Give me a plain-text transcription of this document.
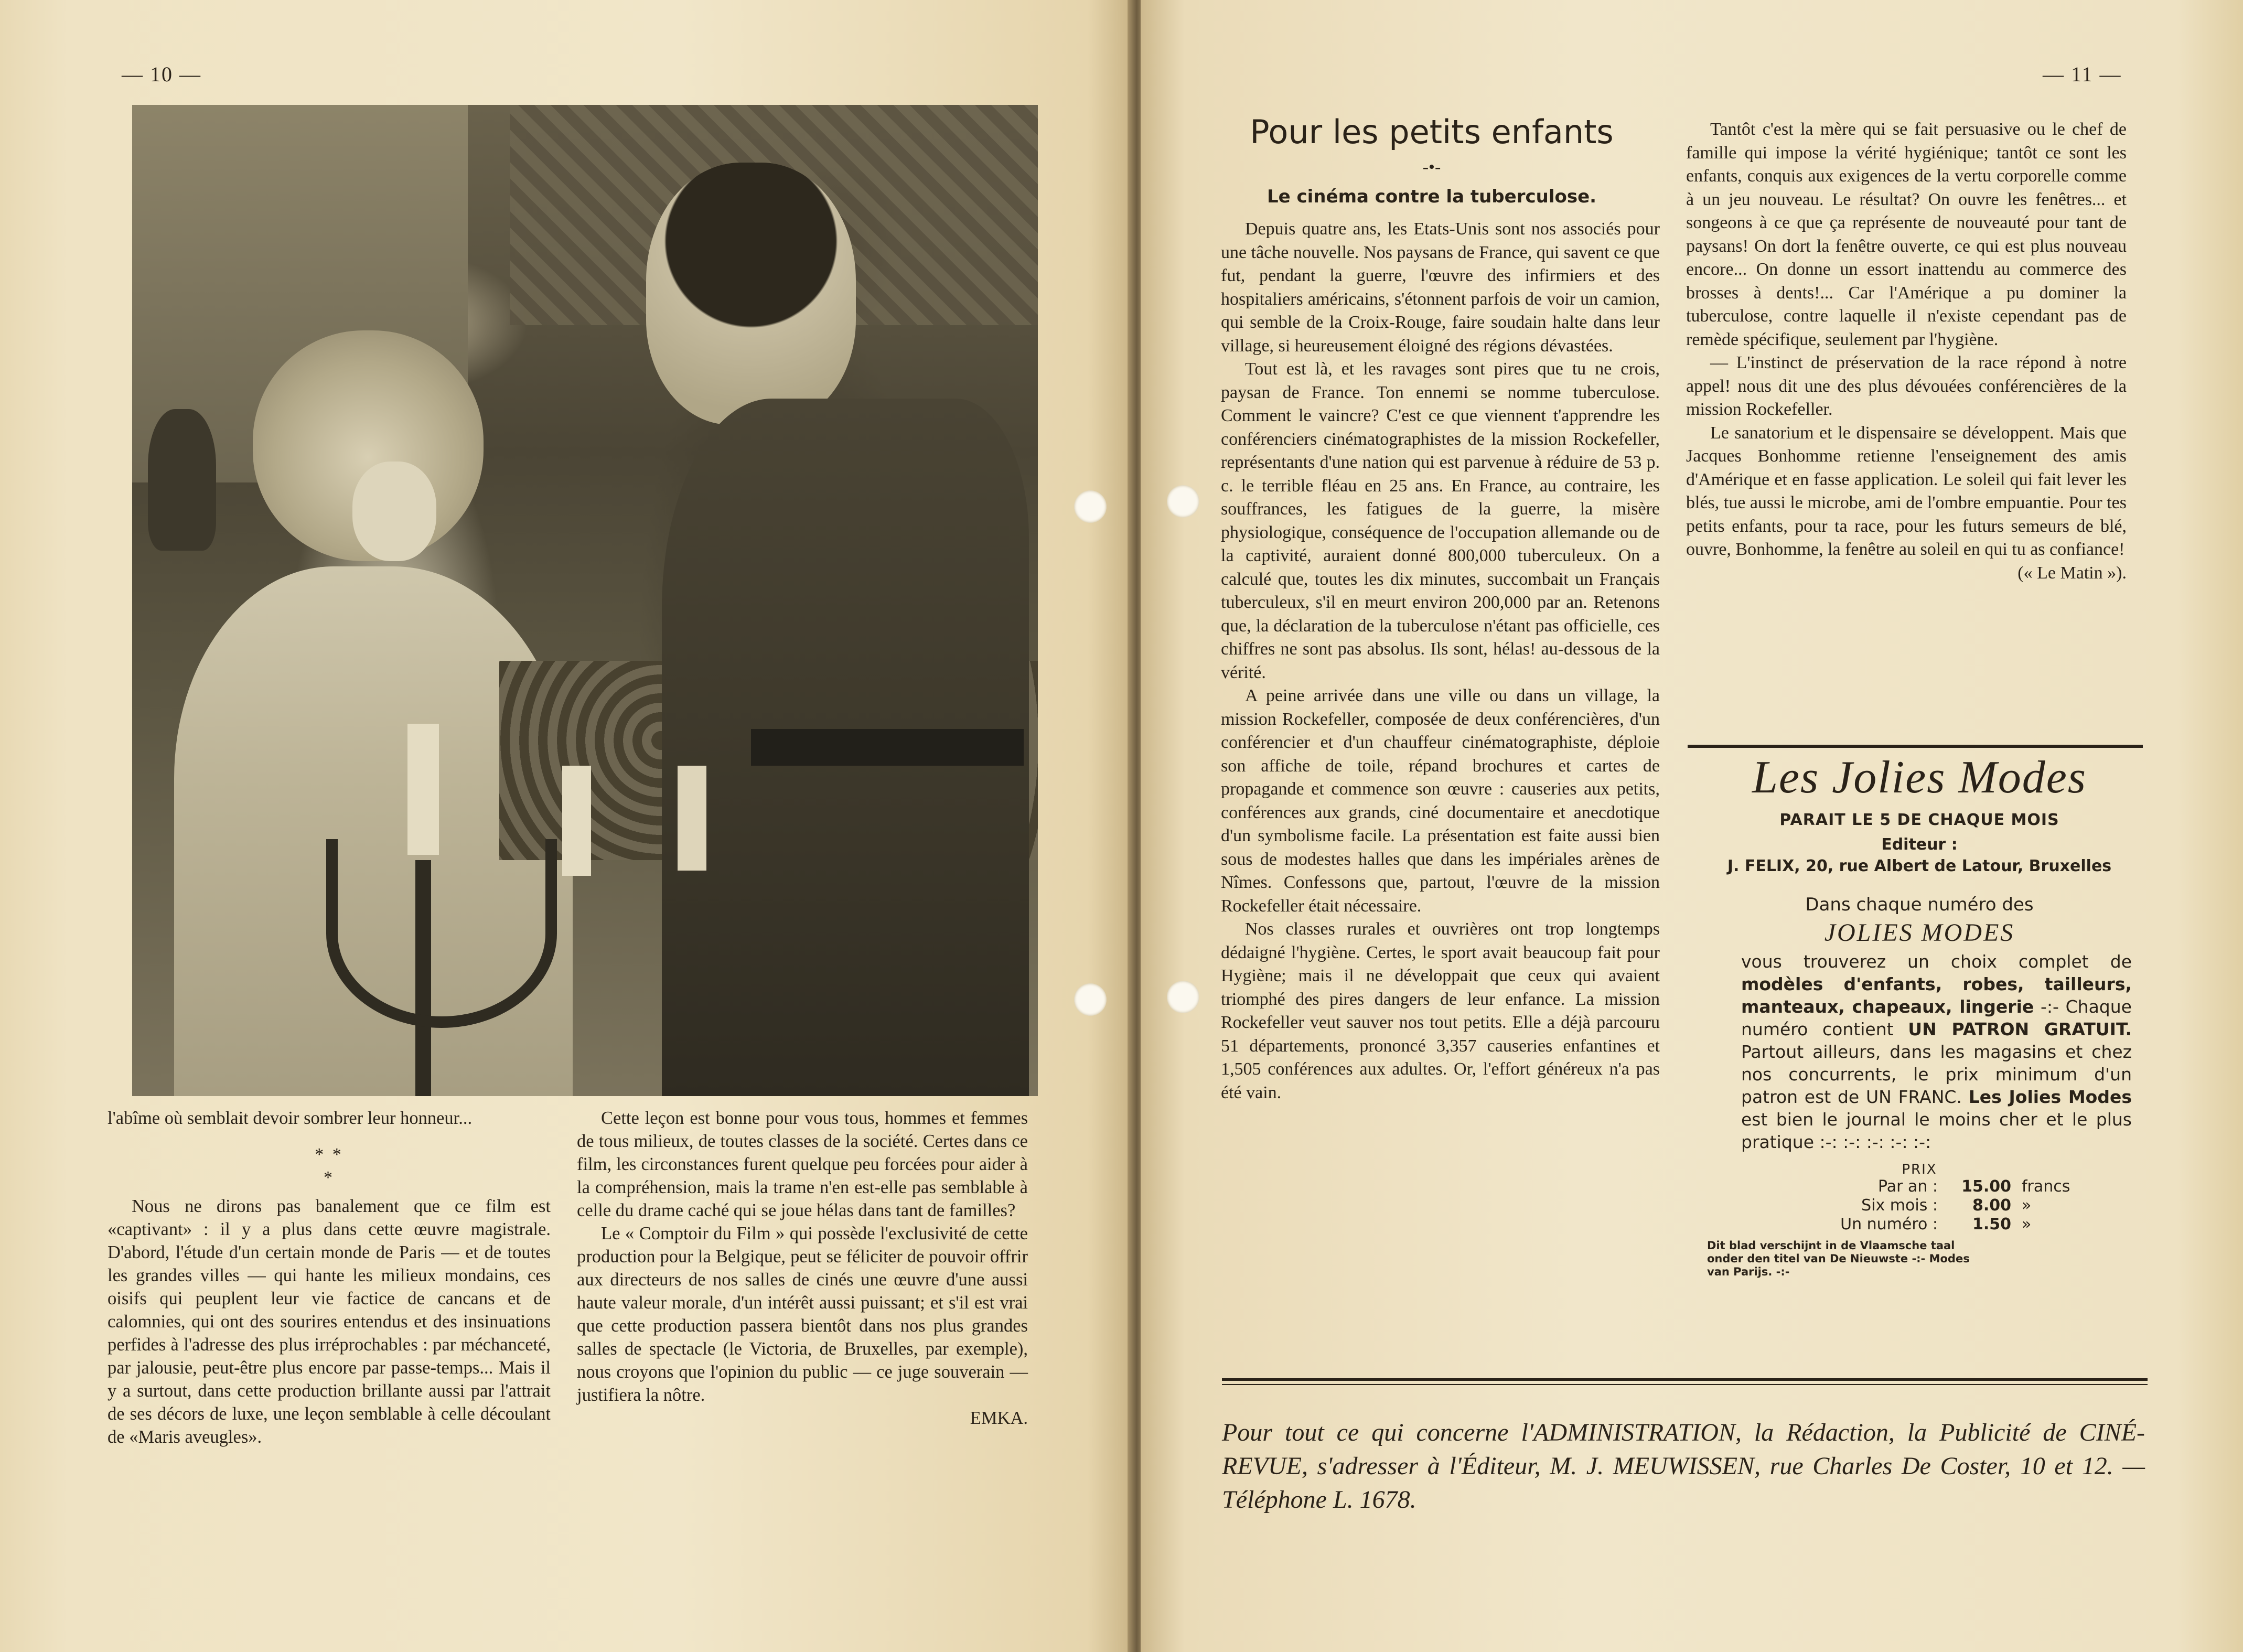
— 10 —

l'abîme où semblait devoir sombrer leur honneur...

* *
*

Nous ne dirons pas banalement que ce film est «captivant» : il y a plus dans cette œuvre magistrale. D'abord, l'étude d'un certain monde de Paris — et de toutes les grandes villes — qui hante les milieux mondains, ces oisifs qui peuplent leur vie factice de cancans et de calomnies, qui ont des sourires entendus et des insinuations perfides à l'adresse des plus irréprochables : par méchanceté, par jalousie, peut-être plus encore par passe-temps... Mais il y a surtout, dans cette production brillante aussi par l'attrait de ses décors de luxe, une leçon semblable à celle découlant de «Maris aveugles».

Cette leçon est bonne pour vous tous, hommes et femmes de tous milieux, de toutes classes de la société. Certes dans ce film, les circonstances furent quelque peu forcées pour aider à la compréhension, mais la trame n'en est-elle pas semblable à celle du drame caché qui se joue hélas dans tant de familles?

Le « Comptoir du Film » qui possède l'exclusivité de cette production pour la Belgique, peut se féliciter de pouvoir offrir aux directeurs de nos salles de cinés une œuvre d'une aussi haute valeur morale, d'un intérêt aussi puissant; et s'il est vrai que cette production passera bientôt dans nos plus grandes salles de spectacle (le Victoria, de Bruxelles, par exemple), nous croyons que l'opinion du public — ce juge souverain — justifiera la nôtre.

EMKA.

— 11 —
Pour les petits enfants
-•-
Le cinéma contre la tuberculose.

Depuis quatre ans, les Etats-Unis sont nos associés pour une tâche nouvelle. Nos paysans de France, qui savent ce que fut, pendant la guerre, l'œuvre des infirmiers et des hospitaliers américains, s'étonnent parfois de voir un camion, qui semble de la Croix-Rouge, faire soudain halte dans leur village, si heureusement éloigné des régions dévastées.

Tout est là, et les ravages sont pires que tu ne crois, paysan de France. Ton ennemi se nomme tuberculose. Comment le vaincre? C'est ce que viennent t'apprendre les conférenciers cinématographistes de la mission Rockefeller, représentants d'une nation qui est parvenue à réduire de 53 p. c. le terrible fléau en 25 ans. En France, au contraire, les souffrances, les fatigues de la guerre, la misère physiologique, conséquence de l'occupation allemande ou de la captivité, auraient donné 800,000 tuberculeux. On a calculé que, toutes les dix minutes, succombait un Français tuberculeux, s'il en meurt environ 200,000 par an. Retenons que, la déclaration de la tuberculose n'étant pas officielle, ces chiffres ne sont pas absolus. Ils sont, hélas! au-dessous de la vérité.

A peine arrivée dans une ville ou dans un village, la mission Rockefeller, composée de deux conférencières, d'un conférencier et d'un chauffeur cinématographiste, déploie son affiche de toile, répand brochures et cartes de propagande et commence son œuvre : causeries aux petits, conférences aux grands, ciné documentaire et anecdotique d'un symbolisme facile. La présentation est faite aussi bien sous de modestes halles que dans les impériales arènes de Nîmes. Confessons que, partout, l'œuvre de la mission Rockefeller était nécessaire.

Nos classes rurales et ouvrières ont trop longtemps dédaigné l'hygiène. Certes, le sport avait beaucoup fait pour Hygiène; mais il ne développait que ceux qui avaient triomphé des pires dangers de leur enfance. La mission Rockefeller veut sauver nos tout petits. Elle a déjà parcouru 51 départements, prononcé 3,357 causeries enfantines et 1,505 conférences aux adultes. Or, l'effort généreux n'a pas été vain.

Tantôt c'est la mère qui se fait persuasive ou le chef de famille qui impose la vérité hygiénique; tantôt ce sont les enfants, conquis aux exigences de la vertu corporelle comme à un jeu nouveau. Le résultat? On ouvre les fenêtres... et songeons à ce que ça représente de nouveauté pour tant de paysans! On dort la fenêtre ouverte, ce qui est plus nouveau encore... On donne un essort inattendu au commerce des brosses à dents!... Car l'Amérique a pu dominer la tuberculose, contre laquelle il n'existe cependant pas de remède spécifique, seulement par l'hygiène.

— L'instinct de préservation de la race répond à notre appel! nous dit une des plus dévouées conférencières de la mission Rockefeller.

Le sanatorium et le dispensaire se développent. Mais que Jacques Bonhomme retienne l'enseignement des amis d'Amérique et en fasse application. Le soleil qui fait lever les blés, tue aussi le microbe, ami de l'ombre empuantie. Pour tes petits enfants, pour ta race, pour les futurs semeurs de blé, ouvre, Bonhomme, la fenêtre au soleil en qui tu as confiance!

(« Le Matin »).

Les Jolies Modes
PARAIT LE 5 DE CHAQUE MOIS
Editeur :
J. FELIX, 20, rue Albert de Latour, Bruxelles
Dans chaque numéro des
JOLIES MODES
vous trouverez un choix complet de modèles d'enfants, robes, tailleurs, manteaux, chapeaux, lingerie -:- Chaque numéro contient UN PATRON GRATUIT. Partout ailleurs, dans les magasins et chez nos concurrents, le prix minimum d'un patron est de UN FRANC. Les Jolies Modes est bien le journal le moins cher et le plus pratique :-: :-: :-: :-: :-:
PRIX
Par an :	15.00 francs
Six mois :	8.00 »
Un numéro :	1.50 »
Dit blad verschijnt in de Vlaamsche taal onder den titel van De Nieuwste -:- Modes van Parijs. -:-
Pour tout ce qui concerne l'ADMINISTRATION, la Rédaction, la Publicité de CINÉ-REVUE, s'adresser à l'Éditeur, M. J. MEUWISSEN, rue Charles De Coster, 10 et 12. — Téléphone L. 1678.
